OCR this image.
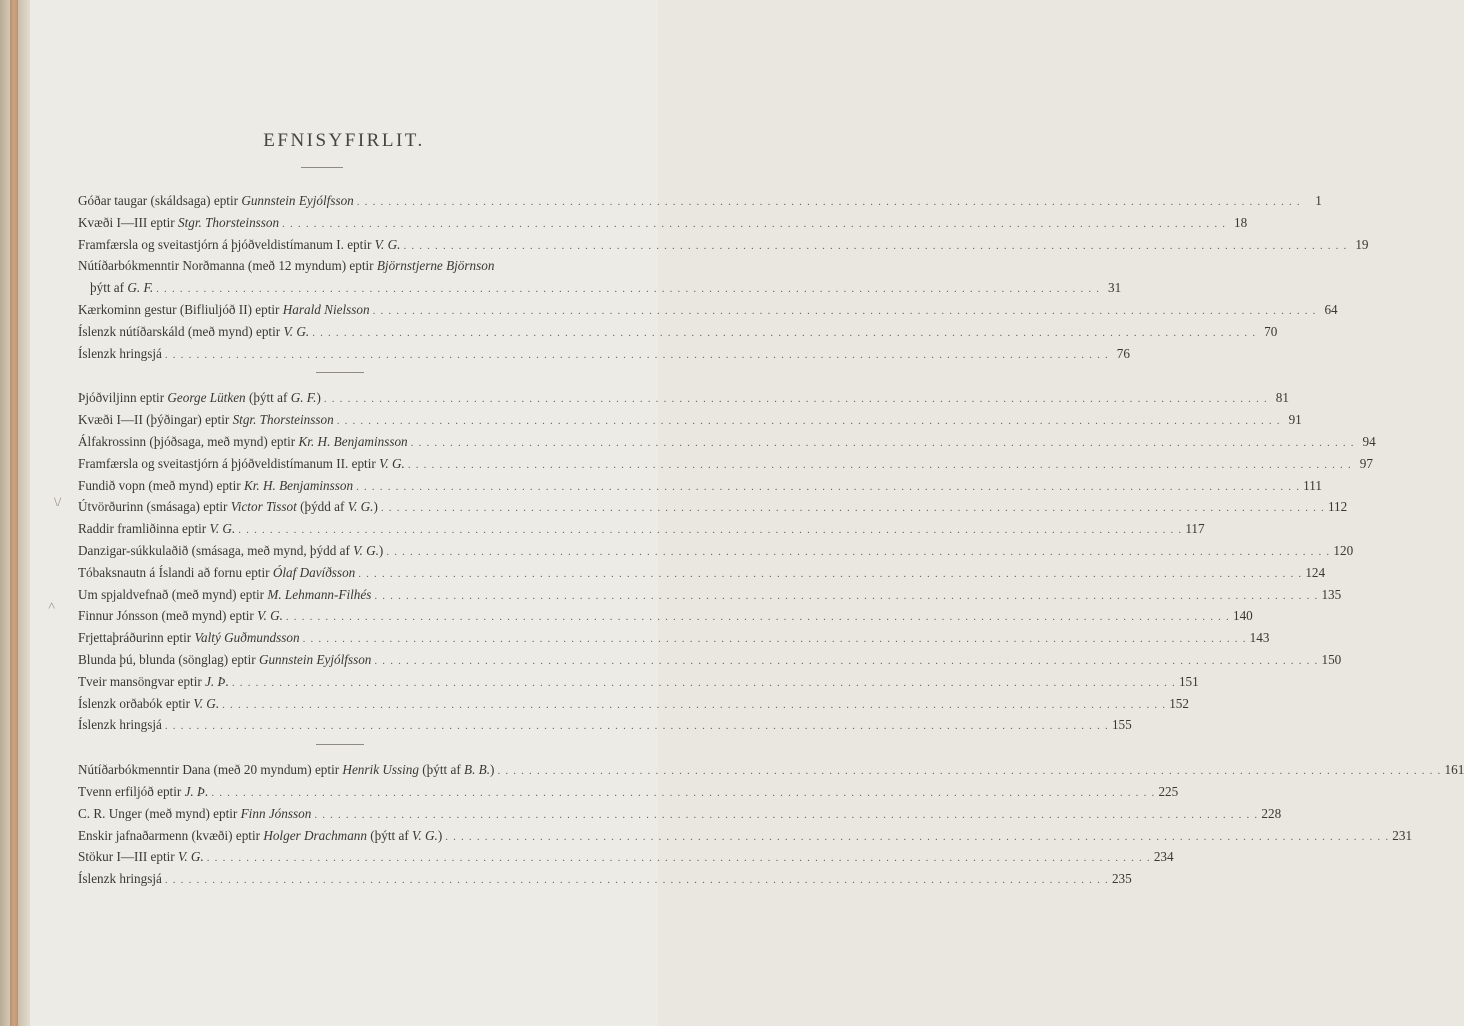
EFNISYFIRLIT.
Góðar taugar (skáldsaga) eptir Gunnstein Eyjólfsson . . . . . . . . . . . . . . . . . . . . . . . . . . . . . . . . . . . . . . . . . . . . . . . . . . . . . . . . . . . . . . . . . . . . . . . . . . . . . . . . . . . . . . . . . . . . . . . . . . . . . . . . . . . . . . . . . . . . . . . .	1
Kvæði I—III eptir Stgr. Thorsteinsson . . . . . . . . . . . . . . . . . . . . . . . . . . . . . . . . . . . . . . . . . . . . . . . . . . . . . . . . . . . . . . . . . . . . . . . . . . . . . . . . . . . . . . . . . . . . . . . . . . . . . . . . . . . . . . . . . . . . . . . . 18
Framfærsla og sveitastjórn á þjóðveldistímanum I. eptir V. G. . . . . . . . . . . . . . . . . . . . . . . . . . . . . . . . . . . . . . . . . . . . . . . . . . . . . . . . . . . . . . . . . . . . . . . . . . . . . . . . . . . . . . . . . . . . . . . . . . . . . . . . . . . . . . . . . . . . . . . . . 19
Nútíðarbókmenntir Norðmanna (með 12 myndum) eptir Björnstjerne Björnson
þýtt af G. F. . . . . . . . . . . . . . . . . . . . . . . . . . . . . . . . . . . . . . . . . . . . . . . . . . . . . . . . . . . . . . . . . . . . . . . . . . . . . . . . . . . . . . . . . . . . . . . . . . . . . . . . . . . . . . . . . . . . . . . . . 31
Kærkominn gestur (Bifliuljóð II) eptir Harald Nielsson . . . . . . . . . . . . . . . . . . . . . . . . . . . . . . . . . . . . . . . . . . . . . . . . . . . . . . . . . . . . . . . . . . . . . . . . . . . . . . . . . . . . . . . . . . . . . . . . . . . . . . . . . . . . . . . . . . . . . . . . 64
Íslenzk nútíðarskáld (með mynd) eptir V. G. . . . . . . . . . . . . . . . . . . . . . . . . . . . . . . . . . . . . . . . . . . . . . . . . . . . . . . . . . . . . . . . . . . . . . . . . . . . . . . . . . . . . . . . . . . . . . . . . . . . . . . . . . . . . . . . . . . . . . . . . 70
Íslenzk hringsjá . . . . . . . . . . . . . . . . . . . . . . . . . . . . . . . . . . . . . . . . . . . . . . . . . . . . . . . . . . . . . . . . . . . . . . . . . . . . . . . . . . . . . . . . . . . . . . . . . . . . . . . . . . . . . . . . . . . . . . . . 76
Þjóðviljinn eptir George Lütken (þýtt af G. F.) . . . . . . . . . . . . . . . . . . . . . . . . . . . . . . . . . . . . . . . . . . . . . . . . . . . . . . . . . . . . . . . . . . . . . . . . . . . . . . . . . . . . . . . . . . . . . . . . . . . . . . . . . . . . . . . . . . . . . . . . 81
Kvæði I—II (þýðingar) eptir Stgr. Thorsteinsson . . . . . . . . . . . . . . . . . . . . . . . . . . . . . . . . . . . . . . . . . . . . . . . . . . . . . . . . . . . . . . . . . . . . . . . . . . . . . . . . . . . . . . . . . . . . . . . . . . . . . . . . . . . . . . . . . . . . . . . . 91
Álfakrossinn (þjóðsaga, með mynd) eptir Kr. H. Benjaminsson . . . . . . . . . . . . . . . . . . . . . . . . . . . . . . . . . . . . . . . . . . . . . . . . . . . . . . . . . . . . . . . . . . . . . . . . . . . . . . . . . . . . . . . . . . . . . . . . . . . . . . . . . . . . . . . . . . . . . . . . 94
Framfærsla og sveitastjórn á þjóðveldistímanum II. eptir V. G. . . . . . . . . . . . . . . . . . . . . . . . . . . . . . . . . . . . . . . . . . . . . . . . . . . . . . . . . . . . . . . . . . . . . . . . . . . . . . . . . . . . . . . . . . . . . . . . . . . . . . . . . . . . . . . . . . . . . . . . . 97
Fundið vopn (með mynd) eptir Kr. H. Benjaminsson . . . . . . . . . . . . . . . . . . . . . . . . . . . . . . . . . . . . . . . . . . . . . . . . . . . . . . . . . . . . . . . . . . . . . . . . . . . . . . . . . . . . . . . . . . . . . . . . . . . . . . . . . . . . . . . . . . . . . . . . 111
Útvörðurinn (smásaga) eptir Victor Tissot (þýdd af V. G.) . . . . . . . . . . . . . . . . . . . . . . . . . . . . . . . . . . . . . . . . . . . . . . . . . . . . . . . . . . . . . . . . . . . . . . . . . . . . . . . . . . . . . . . . . . . . . . . . . . . . . . . . . . . . . . . . . . . . . . . . 112
Raddir framliðinna eptir V. G. . . . . . . . . . . . . . . . . . . . . . . . . . . . . . . . . . . . . . . . . . . . . . . . . . . . . . . . . . . . . . . . . . . . . . . . . . . . . . . . . . . . . . . . . . . . . . . . . . . . . . . . . . . . . . . . . . . . . . . . . 117
Danzigar-súkkulaðið (smásaga, með mynd, þýdd af V. G.) . . . . . . . . . . . . . . . . . . . . . . . . . . . . . . . . . . . . . . . . . . . . . . . . . . . . . . . . . . . . . . . . . . . . . . . . . . . . . . . . . . . . . . . . . . . . . . . . . . . . . . . . . . . . . . . . . . . . . . . . 120
Tóbaksnautn á Íslandi að fornu eptir Ólaf Davíðsson . . . . . . . . . . . . . . . . . . . . . . . . . . . . . . . . . . . . . . . . . . . . . . . . . . . . . . . . . . . . . . . . . . . . . . . . . . . . . . . . . . . . . . . . . . . . . . . . . . . . . . . . . . . . . . . . . . . . . . . . 124
Um spjaldvefnað (með mynd) eptir M. Lehmann-Filhés . . . . . . . . . . . . . . . . . . . . . . . . . . . . . . . . . . . . . . . . . . . . . . . . . . . . . . . . . . . . . . . . . . . . . . . . . . . . . . . . . . . . . . . . . . . . . . . . . . . . . . . . . . . . . . . . . . . . . . . . 135
Finnur Jónsson (með mynd) eptir V. G. . . . . . . . . . . . . . . . . . . . . . . . . . . . . . . . . . . . . . . . . . . . . . . . . . . . . . . . . . . . . . . . . . . . . . . . . . . . . . . . . . . . . . . . . . . . . . . . . . . . . . . . . . . . . . . . . . . . . . . . . 140
Frjettaþráðurinn eptir Valtý Guðmundsson . . . . . . . . . . . . . . . . . . . . . . . . . . . . . . . . . . . . . . . . . . . . . . . . . . . . . . . . . . . . . . . . . . . . . . . . . . . . . . . . . . . . . . . . . . . . . . . . . . . . . . . . . . . . . . . . . . . . . . . . 143
Blunda þú, blunda (sönglag) eptir Gunnstein Eyjólfsson . . . . . . . . . . . . . . . . . . . . . . . . . . . . . . . . . . . . . . . . . . . . . . . . . . . . . . . . . . . . . . . . . . . . . . . . . . . . . . . . . . . . . . . . . . . . . . . . . . . . . . . . . . . . . . . . . . . . . . . . 150
Tveir mansöngvar eptir J. Þ. . . . . . . . . . . . . . . . . . . . . . . . . . . . . . . . . . . . . . . . . . . . . . . . . . . . . . . . . . . . . . . . . . . . . . . . . . . . . . . . . . . . . . . . . . . . . . . . . . . . . . . . . . . . . . . . . . . . . . . . . 151
Íslenzk orðabók eptir V. G. . . . . . . . . . . . . . . . . . . . . . . . . . . . . . . . . . . . . . . . . . . . . . . . . . . . . . . . . . . . . . . . . . . . . . . . . . . . . . . . . . . . . . . . . . . . . . . . . . . . . . . . . . . . . . . . . . . . . . . . . 152
Íslenzk hringsjá . . . . . . . . . . . . . . . . . . . . . . . . . . . . . . . . . . . . . . . . . . . . . . . . . . . . . . . . . . . . . . . . . . . . . . . . . . . . . . . . . . . . . . . . . . . . . . . . . . . . . . . . . . . . . . . . . . . . . . . . 155
Nútíðarbókmenntir Dana (með 20 myndum) eptir Henrik Ussing (þýtt af B. B.) . . . . . . . . . . . . . . . . . . . . . . . . . . . . . . . . . . . . . . . . . . . . . . . . . . . . . . . . . . . . . . . . . . . . . . . . . . . . . . . . . . . . . . . . . . . . . . . . . . . . . . . . . . . . . . . . . . . . . . . . 161
Tvenn erfiljóð eptir J. Þ. . . . . . . . . . . . . . . . . . . . . . . . . . . . . . . . . . . . . . . . . . . . . . . . . . . . . . . . . . . . . . . . . . . . . . . . . . . . . . . . . . . . . . . . . . . . . . . . . . . . . . . . . . . . . . . . . . . . . . . . . 225
C. R. Unger (með mynd) eptir Finn Jónsson . . . . . . . . . . . . . . . . . . . . . . . . . . . . . . . . . . . . . . . . . . . . . . . . . . . . . . . . . . . . . . . . . . . . . . . . . . . . . . . . . . . . . . . . . . . . . . . . . . . . . . . . . . . . . . . . . . . . . . . . 228
Enskir jafnaðarmenn (kvæði) eptir Holger Drachmann (þýtt af V. G.) . . . . . . . . . . . . . . . . . . . . . . . . . . . . . . . . . . . . . . . . . . . . . . . . . . . . . . . . . . . . . . . . . . . . . . . . . . . . . . . . . . . . . . . . . . . . . . . . . . . . . . . . . . . . . . . . . . . . . . . . 231
Stökur I—III eptir V. G. . . . . . . . . . . . . . . . . . . . . . . . . . . . . . . . . . . . . . . . . . . . . . . . . . . . . . . . . . . . . . . . . . . . . . . . . . . . . . . . . . . . . . . . . . . . . . . . . . . . . . . . . . . . . . . . . . . . . . . . . 234
Íslenzk hringsjá . . . . . . . . . . . . . . . . . . . . . . . . . . . . . . . . . . . . . . . . . . . . . . . . . . . . . . . . . . . . . . . . . . . . . . . . . . . . . . . . . . . . . . . . . . . . . . . . . . . . . . . . . . . . . . . . . . . . . . . . 235
\/
˄
